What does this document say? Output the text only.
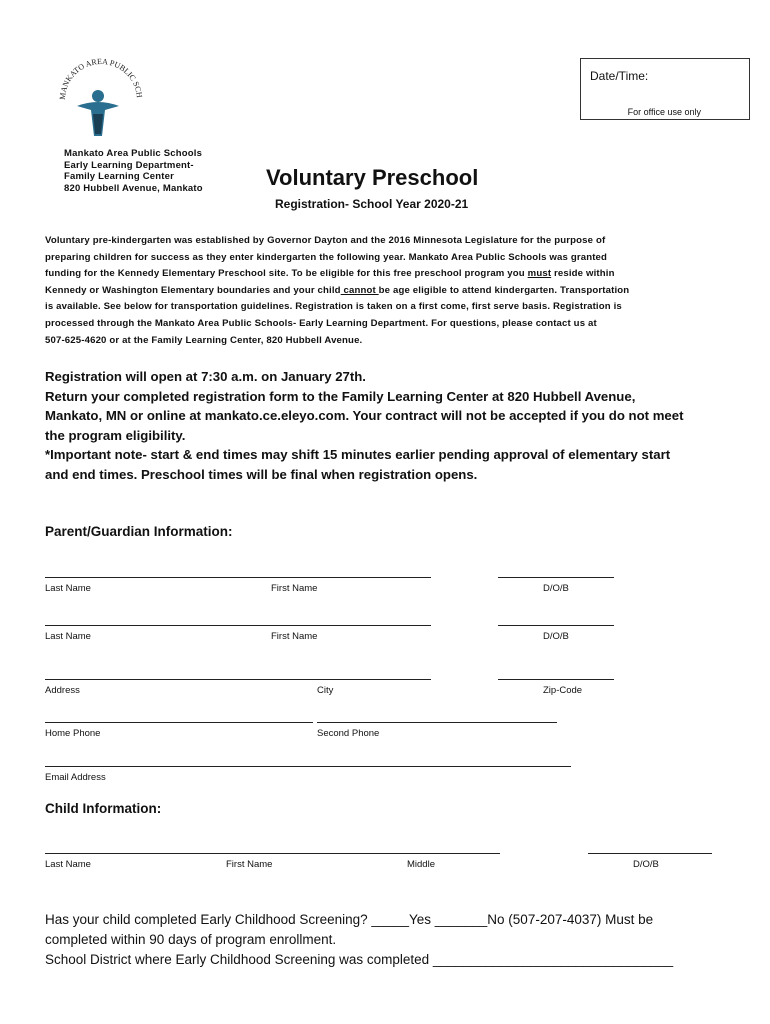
MANKATO AREA PUBLIC SCH
Mankato Area Public Schools
Early Learning Department-
Family Learning Center
820 Hubbell Avenue, Mankato
Date/Time:
For office use only
Voluntary Preschool
Registration- School Year 2020-21
Voluntary pre-kindergarten was established by Governor Dayton and the 2016 Minnesota Legislature for the purpose of
preparing children for success as they enter kindergarten the following year. Mankato Area Public Schools was granted
funding for the Kennedy Elementary Preschool site. To be eligible for this free preschool program you must reside within
Kennedy or Washington Elementary boundaries and your child cannot be age eligible to attend kindergarten. Transportation
is available. See below for transportation guidelines. Registration is taken on a first come, first serve basis. Registration is
processed through the Mankato Area Public Schools- Early Learning Department. For questions, please contact us at
507-625-4620 or at the Family Learning Center, 820 Hubbell Avenue.
Registration will open at 7:30 a.m. on January 27th.
Return your completed registration form to the Family Learning Center at 820 Hubbell Avenue,
Mankato, MN or online at mankato.ce.eleyo.com. Your contract will not be accepted if you do not meet
the program eligibility.
*Important note- start & end times may shift 15 minutes earlier pending approval of elementary start
and end times. Preschool times will be final when registration opens.
Parent/Guardian Information:
Last Name	First Name	D/O/B
Last Name	First Name	D/O/B
Address	City	Zip-Code
Home Phone	Second Phone
Email Address
Child Information:
Last Name	First Name	Middle	D/O/B
Has your child completed Early Childhood Screening? _____Yes _______No (507-207-4037) Must be
completed within 90 days of program enrollment.
School District where Early Childhood Screening was completed ________________________________
